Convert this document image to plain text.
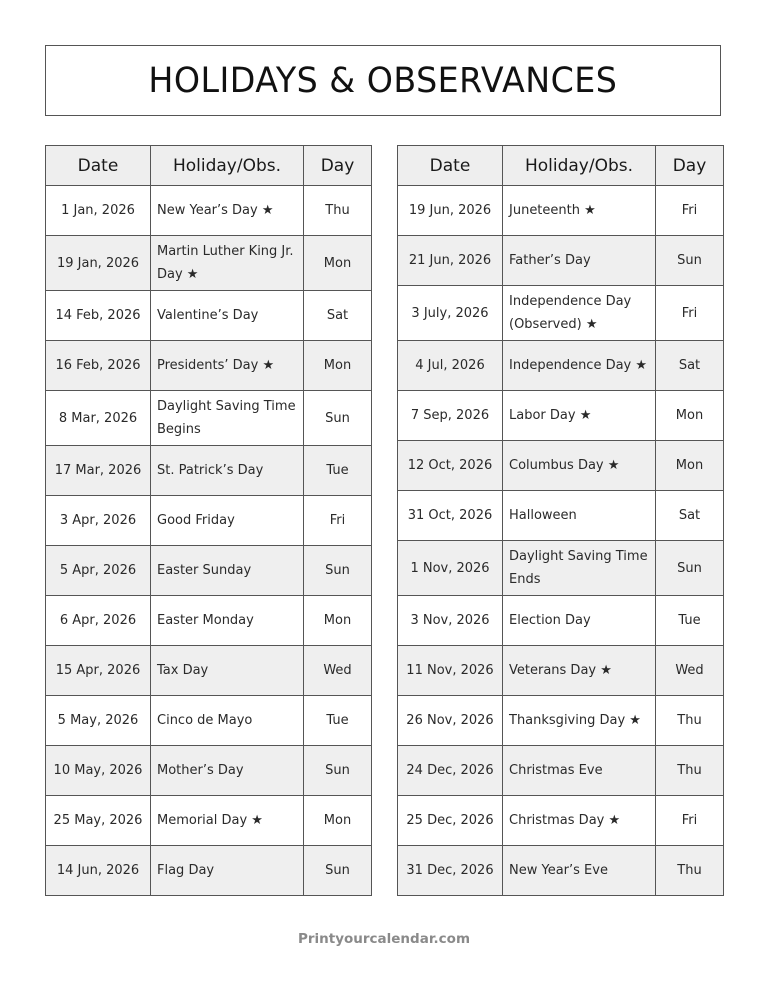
HOLIDAYS & OBSERVANCES
Date	Holiday/Obs.	Day
1 Jan, 2026	New Year’s Day ★	Thu
19 Jan, 2026	Martin Luther King Jr. Day ★	Mon
14 Feb, 2026	Valentine’s Day	Sat
16 Feb, 2026	Presidents’ Day ★	Mon
8 Mar, 2026	Daylight Saving Time Begins	Sun
17 Mar, 2026	St. Patrick’s Day	Tue
3 Apr, 2026	Good Friday	Fri
5 Apr, 2026	Easter Sunday	Sun
6 Apr, 2026	Easter Monday	Mon
15 Apr, 2026	Tax Day	Wed
5 May, 2026	Cinco de Mayo	Tue
10 May, 2026	Mother’s Day	Sun
25 May, 2026	Memorial Day ★	Mon
14 Jun, 2026	Flag Day	Sun
Date	Holiday/Obs.	Day
19 Jun, 2026	Juneteenth ★	Fri
21 Jun, 2026	Father’s Day	Sun
3 July, 2026	Independence Day (Observed) ★	Fri
4 Jul, 2026	Independence Day ★	Sat
7 Sep, 2026	Labor Day ★	Mon
12 Oct, 2026	Columbus Day ★	Mon
31 Oct, 2026	Halloween	Sat
1 Nov, 2026	Daylight Saving Time Ends	Sun
3 Nov, 2026	Election Day	Tue
11 Nov, 2026	Veterans Day ★	Wed
26 Nov, 2026	Thanksgiving Day ★	Thu
24 Dec, 2026	Christmas Eve	Thu
25 Dec, 2026	Christmas Day ★	Fri
31 Dec, 2026	New Year’s Eve	Thu
Printyourcalendar.com
